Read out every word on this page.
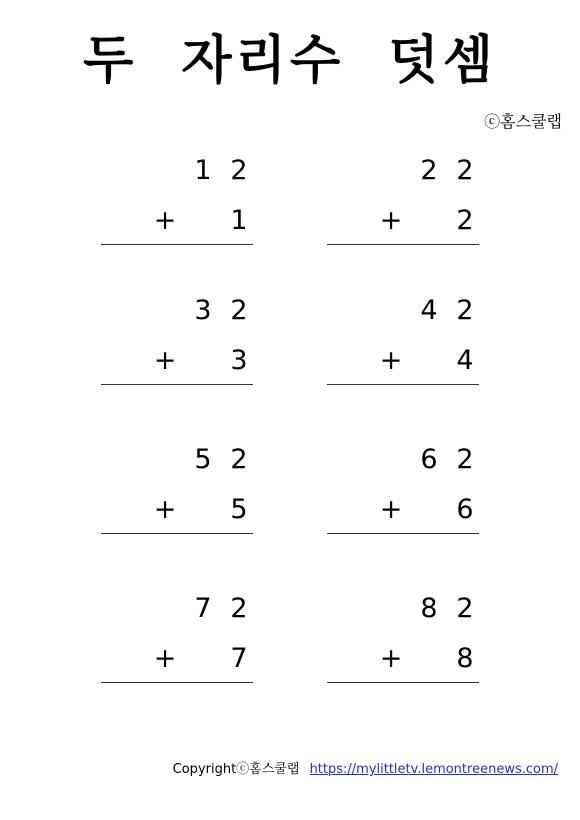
두  자리수  덧셈
ⓒ홈스쿨랩
1 2
+ 1
2 2
+ 2
3 2
+ 3
4 2
+ 4
5 2
+ 5
6 2
+ 6
7 2
+ 7
8 2
+ 8
Copyrightⓒ홈스쿨랩 https://mylittletv.lemontreenews.com/
